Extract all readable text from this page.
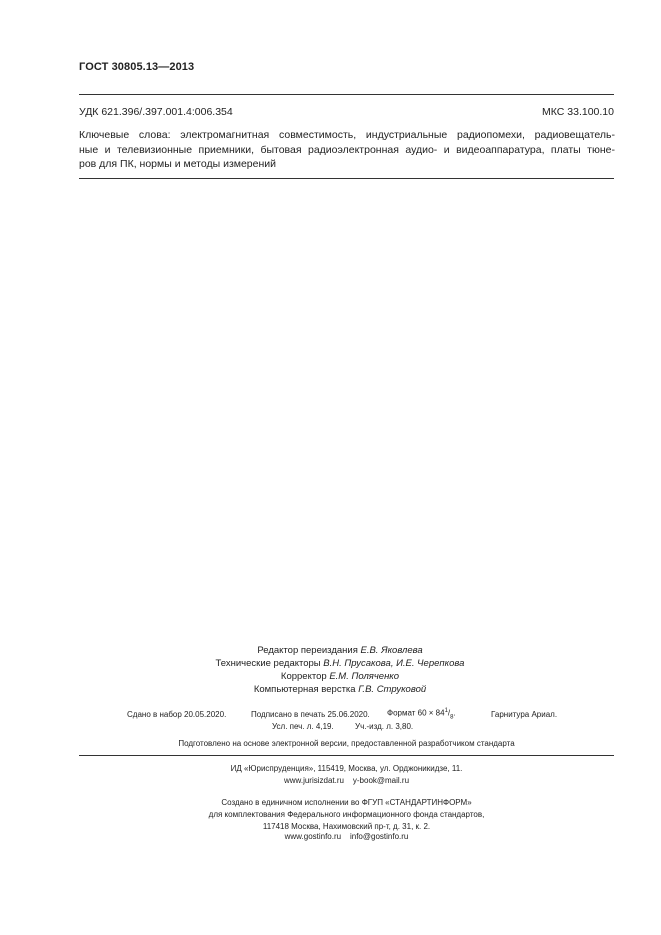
ГОСТ 30805.13—2013
УДК 621.396/.397.001.4:006.354	МКС 33.100.10
Ключевые слова: электромагнитная совместимость, индустриальные радиопомехи, радиовещатель-
ные и телевизионные приемники, бытовая радиоэлектронная аудио- и видеоаппаратура, платы тюне-
ров для ПК, нормы и методы измерений
Редактор переиздания Е.В. Яковлева
Технические редакторы В.Н. Прусакова, И.Е. Черепкова
Корректор Е.М. Поляченко
Компьютерная верстка Г.В. Струковой
Сдано в набор 20.05.2020.	Подписано в печать 25.06.2020. Формат $60 \times 84^1/_8$.	Гарнитура Ариал.
Усл. печ. л. 4,19.	Уч.-изд. л. 3,80.
Подготовлено на основе электронной версии, предоставленной разработчиком стандарта
ИД «Юриспруденция», 115419, Москва, ул. Орджоникидзе, 11.
www.jurisizdat.ru y-book@mail.ru
Создано в единичном исполнении во ФГУП «СТАНДАРТИНФОРМ»
для комплектования Федерального информационного фонда стандартов,
117418 Москва, Нахимовский пр-т, д. 31, к. 2.
www.gostinfo.ru info@gostinfo.ru
